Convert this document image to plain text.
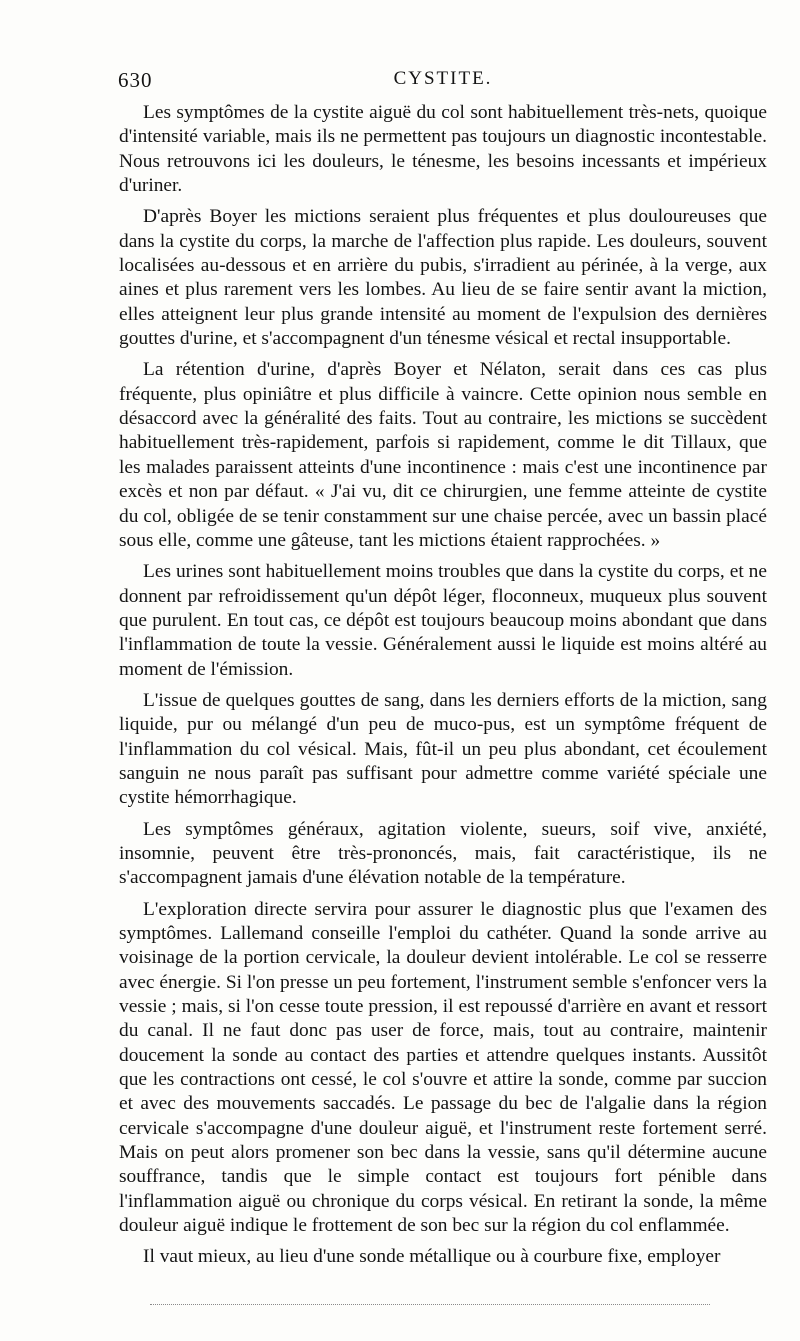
630	CYSTITE.

Les symptômes de la cystite aiguë du col sont habituellement très-nets, quoique d'intensité variable, mais ils ne permettent pas toujours un diagnostic incontestable. Nous retrouvons ici les douleurs, le ténesme, les besoins incessants et impérieux d'uriner.

D'après Boyer les mictions seraient plus fréquentes et plus douloureuses que dans la cystite du corps, la marche de l'affection plus rapide. Les douleurs, souvent localisées au-dessous et en arrière du pubis, s'irradient au périnée, à la verge, aux aines et plus rarement vers les lombes. Au lieu de se faire sentir avant la miction, elles atteignent leur plus grande intensité au moment de l'expulsion des dernières gouttes d'urine, et s'accompagnent d'un ténesme vésical et rectal insupportable.

La rétention d'urine, d'après Boyer et Nélaton, serait dans ces cas plus fréquente, plus opiniâtre et plus difficile à vaincre. Cette opinion nous semble en désaccord avec la généralité des faits. Tout au contraire, les mictions se succèdent habituellement très-rapidement, parfois si rapidement, comme le dit Tillaux, que les malades paraissent atteints d'une incontinence : mais c'est une incontinence par excès et non par défaut. « J'ai vu, dit ce chirurgien, une femme atteinte de cystite du col, obligée de se tenir constamment sur une chaise percée, avec un bassin placé sous elle, comme une gâteuse, tant les mictions étaient rapprochées. »

Les urines sont habituellement moins troubles que dans la cystite du corps, et ne donnent par refroidissement qu'un dépôt léger, floconneux, muqueux plus souvent que purulent. En tout cas, ce dépôt est toujours beaucoup moins abondant que dans l'inflammation de toute la vessie. Généralement aussi le liquide est moins altéré au moment de l'émission.

L'issue de quelques gouttes de sang, dans les derniers efforts de la miction, sang liquide, pur ou mélangé d'un peu de muco-pus, est un symptôme fréquent de l'inflammation du col vésical. Mais, fût-il un peu plus abondant, cet écoulement sanguin ne nous paraît pas suffisant pour admettre comme variété spéciale une cystite hémorrhagique.

Les symptômes généraux, agitation violente, sueurs, soif vive, anxiété, insomnie, peuvent être très-prononcés, mais, fait caractéristique, ils ne s'accompagnent jamais d'une élévation notable de la température.

L'exploration directe servira pour assurer le diagnostic plus que l'examen des symptômes. Lallemand conseille l'emploi du cathéter. Quand la sonde arrive au voisinage de la portion cervicale, la douleur devient intolérable. Le col se resserre avec énergie. Si l'on presse un peu fortement, l'instrument semble s'enfoncer vers la vessie ; mais, si l'on cesse toute pression, il est repoussé d'arrière en avant et ressort du canal. Il ne faut donc pas user de force, mais, tout au contraire, maintenir doucement la sonde au contact des parties et attendre quelques instants. Aussitôt que les contractions ont cessé, le col s'ouvre et attire la sonde, comme par succion et avec des mouvements saccadés. Le passage du bec de l'algalie dans la région cervicale s'accompagne d'une douleur aiguë, et l'instrument reste fortement serré. Mais on peut alors promener son bec dans la vessie, sans qu'il détermine aucune souffrance, tandis que le simple contact est toujours fort pénible dans l'inflammation aiguë ou chronique du corps vésical. En retirant la sonde, la même douleur aiguë indique le frottement de son bec sur la région du col enflammée.

Il vaut mieux, au lieu d'une sonde métallique ou à courbure fixe, employer
